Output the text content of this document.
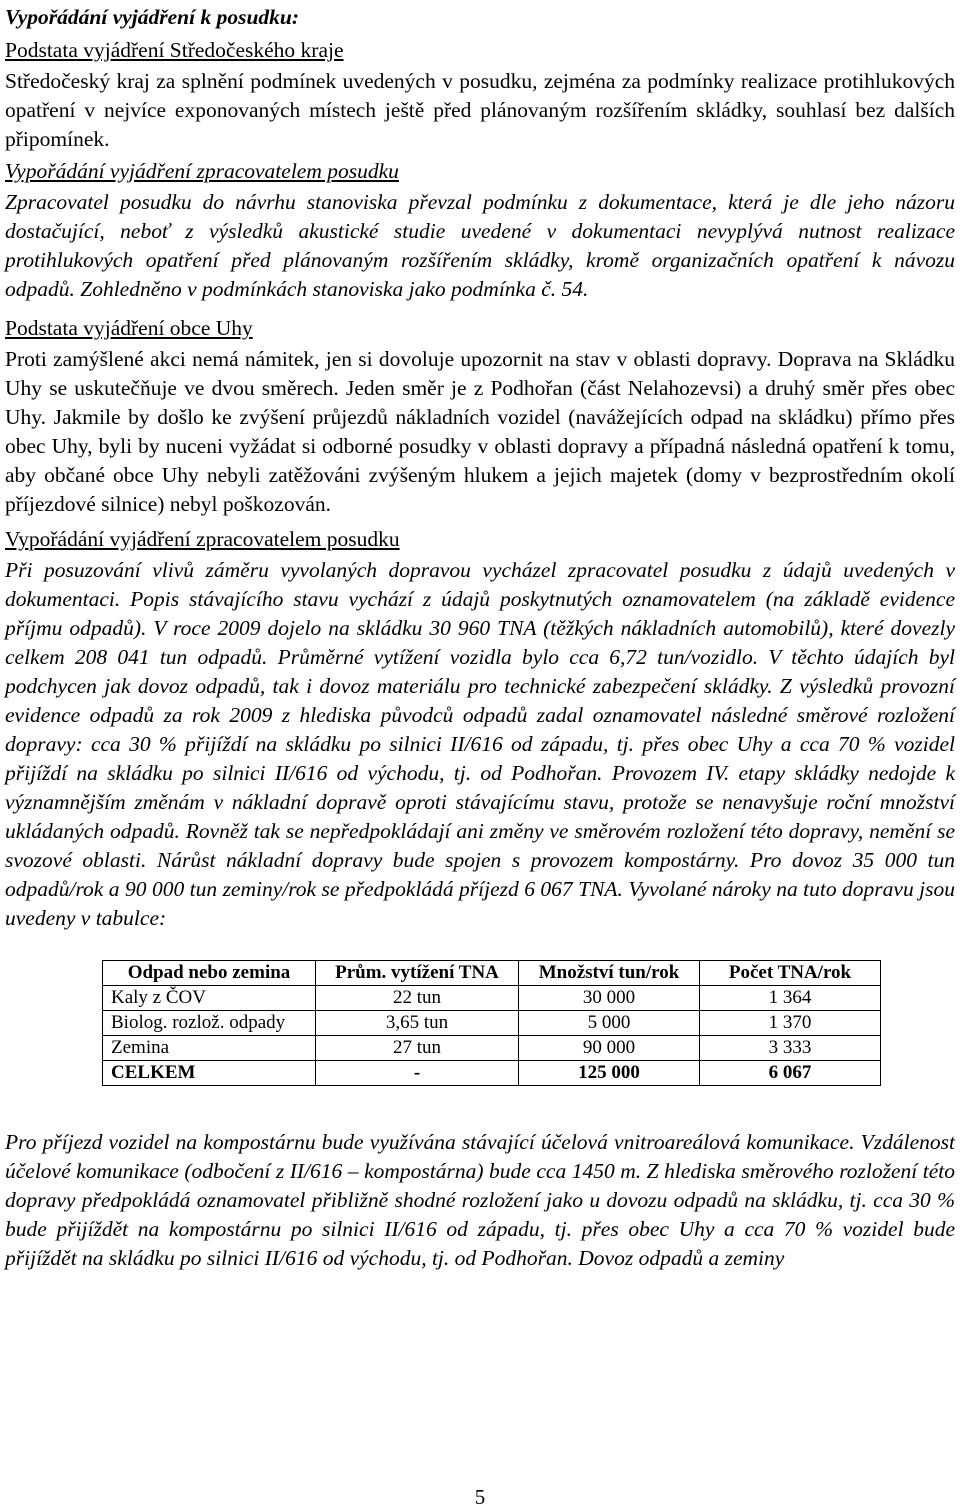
Vypořádání vyjádření k posudku:

Podstata vyjádření Středočeského kraje

Středočeský kraj za splnění podmínek uvedených v posudku, zejména za podmínky realizace protihlukových opatření v nejvíce exponovaných místech ještě před plánovaným rozšířením skládky, souhlasí bez dalších připomínek.

Vypořádání vyjádření zpracovatelem posudku

Zpracovatel posudku do návrhu stanoviska převzal podmínku z dokumentace, která je dle jeho názoru dostačující, neboť z výsledků akustické studie uvedené v dokumentaci nevyplývá nutnost realizace protihlukových opatření před plánovaným rozšířením skládky, kromě organizačních opatření k návozu odpadů. Zohledněno v podmínkách stanoviska jako podmínka č. 54.

Podstata vyjádření obce Uhy

Proti zamýšlené akci nemá námitek, jen si dovoluje upozornit na stav v oblasti dopravy. Doprava na Skládku Uhy se uskutečňuje ve dvou směrech. Jeden směr je z Podhořan (část Nelahozevsi) a druhý směr přes obec Uhy. Jakmile by došlo ke zvýšení průjezdů nákladních vozidel (navážejících odpad na skládku) přímo přes obec Uhy, byli by nuceni vyžádat si odborné posudky v oblasti dopravy a případná následná opatření k tomu, aby občané obce Uhy nebyli zatěžováni zvýšeným hlukem a jejich majetek (domy v bezprostředním okolí příjezdové silnice) nebyl poškozován.

Vypořádání vyjádření zpracovatelem posudku

Při posuzování vlivů záměru vyvolaných dopravou vycházel zpracovatel posudku z údajů uvedených v dokumentaci. Popis stávajícího stavu vychází z údajů poskytnutých oznamovatelem (na základě evidence příjmu odpadů). V roce 2009 dojelo na skládku 30 960 TNA (těžkých nákladních automobilů), které dovezly celkem 208 041 tun odpadů. Průměrné vytížení vozidla bylo cca 6,72 tun/vozidlo. V těchto údajích byl podchycen jak dovoz odpadů, tak i dovoz materiálu pro technické zabezpečení skládky. Z výsledků provozní evidence odpadů za rok 2009 z hlediska původců odpadů zadal oznamovatel následné směrové rozložení dopravy: cca 30 % přijíždí na skládku po silnici II/616 od západu, tj. přes obec Uhy a cca 70 % vozidel přijíždí na skládku po silnici II/616 od východu, tj. od Podhořan. Provozem IV. etapy skládky nedojde k významnějším změnám v nákladní dopravě oproti stávajícímu stavu, protože se nenavyšuje roční množství ukládaných odpadů. Rovněž tak se nepředpokládají ani změny ve směrovém rozložení této dopravy, nemění se svozové oblasti. Nárůst nákladní dopravy bude spojen s provozem kompostárny. Pro dovoz 35 000 tun odpadů/rok a 90 000 tun zeminy/rok se předpokládá příjezd 6 067 TNA. Vyvolané nároky na tuto dopravu jsou uvedeny v tabulce:

Odpad nebo zemina	Prům. vytížení TNA	Množství tun/rok	Počet TNA/rok
Kaly z ČOV	22 tun	30 000	1 364
Biolog. rozlož. odpady	3,65 tun	5 000	1 370
Zemina	27 tun	90 000	3 333
CELKEM	-	125 000	6 067

Pro příjezd vozidel na kompostárnu bude využívána stávající účelová vnitroareálová komunikace. Vzdálenost účelové komunikace (odbočení z II/616 – kompostárna) bude cca 1450 m. Z hlediska směrového rozložení této dopravy předpokládá oznamovatel přibližně shodné rozložení jako u dovozu odpadů na skládku, tj. cca 30 % bude přijíždět na kompostárnu po silnici II/616 od západu, tj. přes obec Uhy a cca 70 % vozidel bude přijíždět na skládku po silnici II/616 od východu, tj. od Podhořan. Dovoz odpadů a zeminy

5
